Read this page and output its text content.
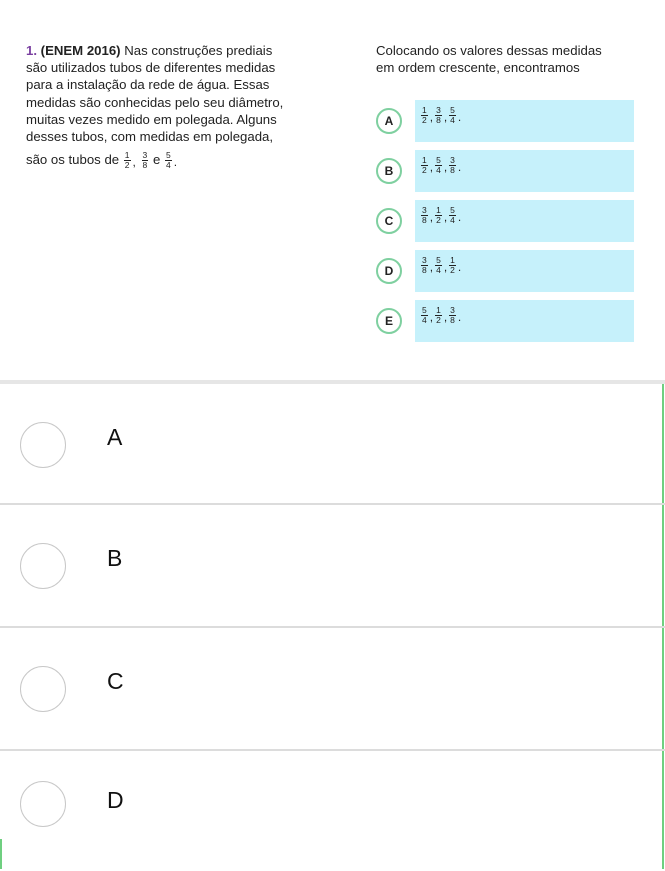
1. (ENEM 2016) Nas construções prediais
são utilizados tubos de diferentes medidas
para a instalação da rede de água. Essas
medidas são conhecidas pelo seu diâmetro,
muitas vezes medido em polegada. Alguns
desses tubos, com medidas em polegada,
são os tubos de $\frac{1}{2}$ , $\frac{3}{8}$ e $\frac{5}{4}$ .
Colocando os valores dessas medidas
em ordem crescente, encontramos
A	$\frac{1}{2}$ , $\frac{3}{8}$ , $\frac{5}{4}$ .
B	$\frac{1}{2}$ , $\frac{5}{4}$ , $\frac{3}{8}$ .
C	$\frac{3}{8}$ , $\frac{1}{2}$ , $\frac{5}{4}$ .
D	$\frac{3}{8}$ , $\frac{5}{4}$ , $\frac{1}{2}$ .
E	$\frac{5}{4}$ , $\frac{1}{2}$ , $\frac{3}{8}$ .
A
B
C
D
